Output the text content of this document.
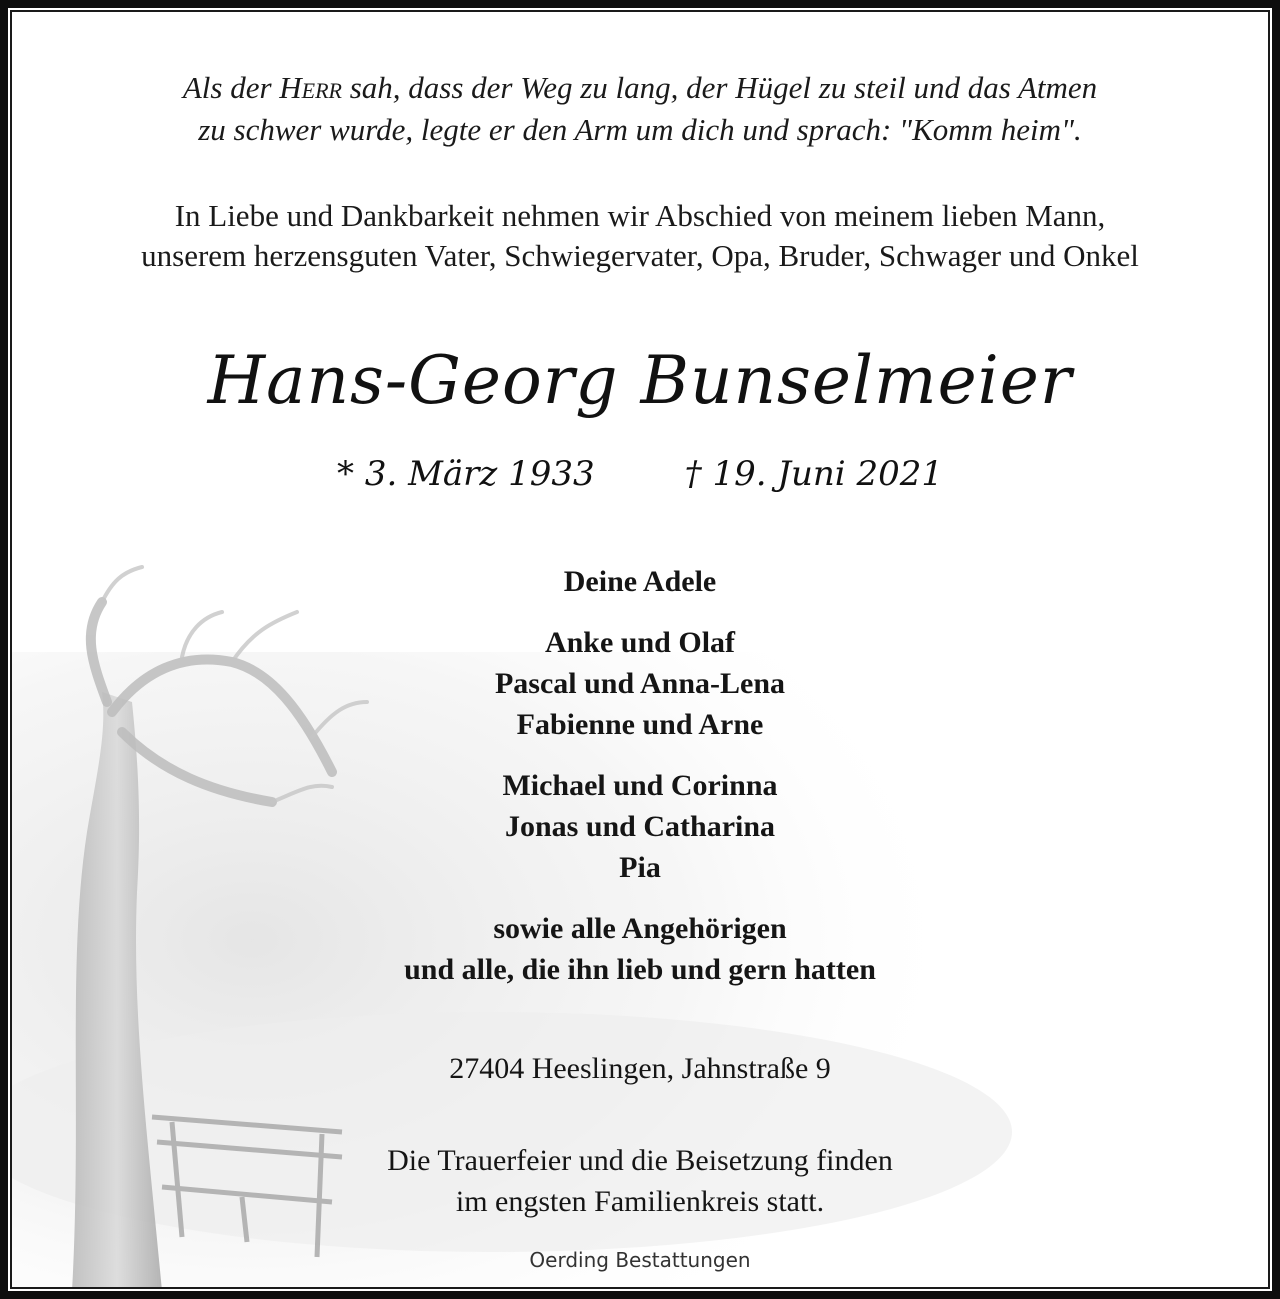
Als der Herr sah, dass der Weg zu lang, der Hügel zu steil und das Atmen
zu schwer wurde, legte er den Arm um dich und sprach: "Komm heim".
In Liebe und Dankbarkeit nehmen wir Abschied von meinem lieben Mann,
unserem herzensguten Vater, Schwiegervater, Opa, Bruder, Schwager und Onkel
Hans-Georg Bunselmeier
* 3. März 1933	† 19. Juni 2021
Deine Adele
Anke und Olaf
Pascal und Anna-Lena
Fabienne und Arne
Michael und Corinna
Jonas und Catharina
Pia
sowie alle Angehörigen
und alle, die ihn lieb und gern hatten
27404 Heeslingen, Jahnstraße 9
Die Trauerfeier und die Beisetzung finden
im engsten Familienkreis statt.
Oerding Bestattungen
